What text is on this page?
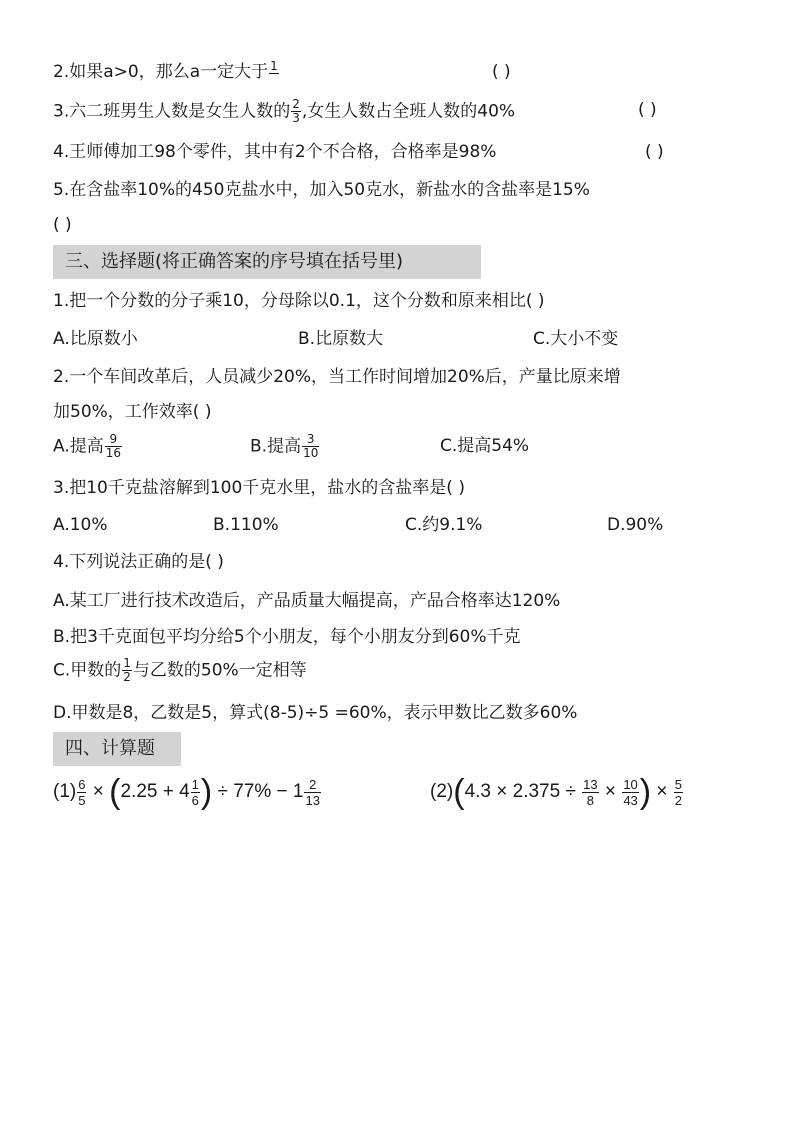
2.如果a>0，那么a一定大于 1	( )
3.六二班男生人数是女生人数的 $\frac{2}{3}$ ,女生人数占全班人数的40%	( )
4.王师傅加工98个零件，其中有2个不合格，合格率是98%	( )
5.在含盐率10%的450克盐水中，加入50克水，新盐水的含盐率是15%
( )
三、选择题(将正确答案的序号填在括号里)
1.把一个分数的分子乘10，分母除以0.1，这个分数和原来相比( )
A.比原数小	B.比原数大	C.大小不变
2.一个车间改革后，人员减少20%，当工作时间增加20%后，产量比原来增
加50%，工作效率( )
A.提高 $\frac{9}{16}$	B.提高 $\frac{3}{10}$	C.提高54%
3.把10千克盐溶解到100千克水里，盐水的含盐率是( )
A.10%	B.110%	C.约9.1%	D.90%
4.下列说法正确的是( )
A.某工厂进行技术改造后，产品质量大幅提高，产品合格率达120%
B.把3千克面包平均分给5个小朋友，每个小朋友分到60%千克
C.甲数的 $\frac{1}{2}$ 与乙数的50%一定相等
D.甲数是8，乙数是5，算式(8-5)÷5 =60%，表示甲数比乙数多60%
四、计算题
$(1) \frac{6}{5} \times (2.25 + 4 \frac{1}{6}$ ) ÷ $77\% - 1 \frac{2}{13}$	$(2)(4.3 \times 2.375 \div \frac{13}{8} \times \frac{10}{43}$ ) × $\frac{5}{2}$
